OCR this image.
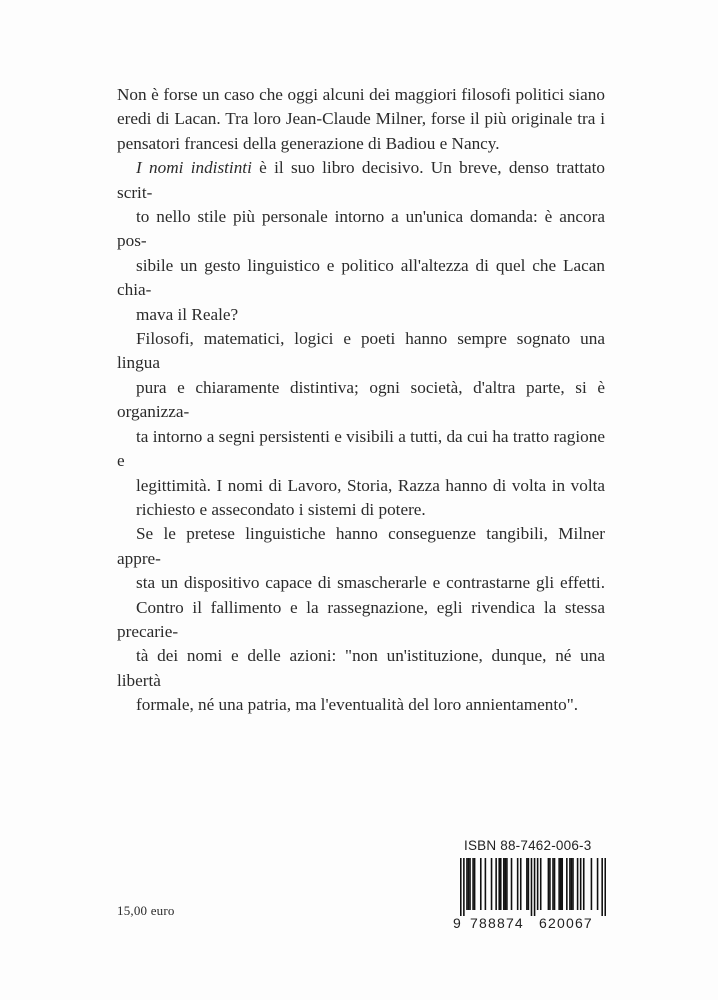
Non è forse un caso che oggi alcuni dei maggiori filosofi politici siano
eredi di Lacan. Tra loro Jean-Claude Milner, forse il più originale tra i
pensatori francesi della generazione di Badiou e Nancy.

I nomi indistinti è il suo libro decisivo. Un breve, denso trattato scrit-
to nello stile più personale intorno a un'unica domanda: è ancora pos-
sibile un gesto linguistico e politico all'altezza di quel che Lacan chia-
mava il Reale?

Filosofi, matematici, logici e poeti hanno sempre sognato una lingua
pura e chiaramente distintiva; ogni società, d'altra parte, si è organizza-
ta intorno a segni persistenti e visibili a tutti, da cui ha tratto ragione e
legittimità. I nomi di Lavoro, Storia, Razza hanno di volta in volta
richiesto e assecondato i sistemi di potere.

Se le pretese linguistiche hanno conseguenze tangibili, Milner appre-
sta un dispositivo capace di smascherarle e contrastarne gli effetti.
Contro il fallimento e la rassegnazione, egli rivendica la stessa precarie-
tà dei nomi e delle azioni: "non un'istituzione, dunque, né una libertà
formale, né una patria, ma l'eventualità del loro annientamento".

15,00 euro
ISBN 88-7462-006-3
9 788874 620067
